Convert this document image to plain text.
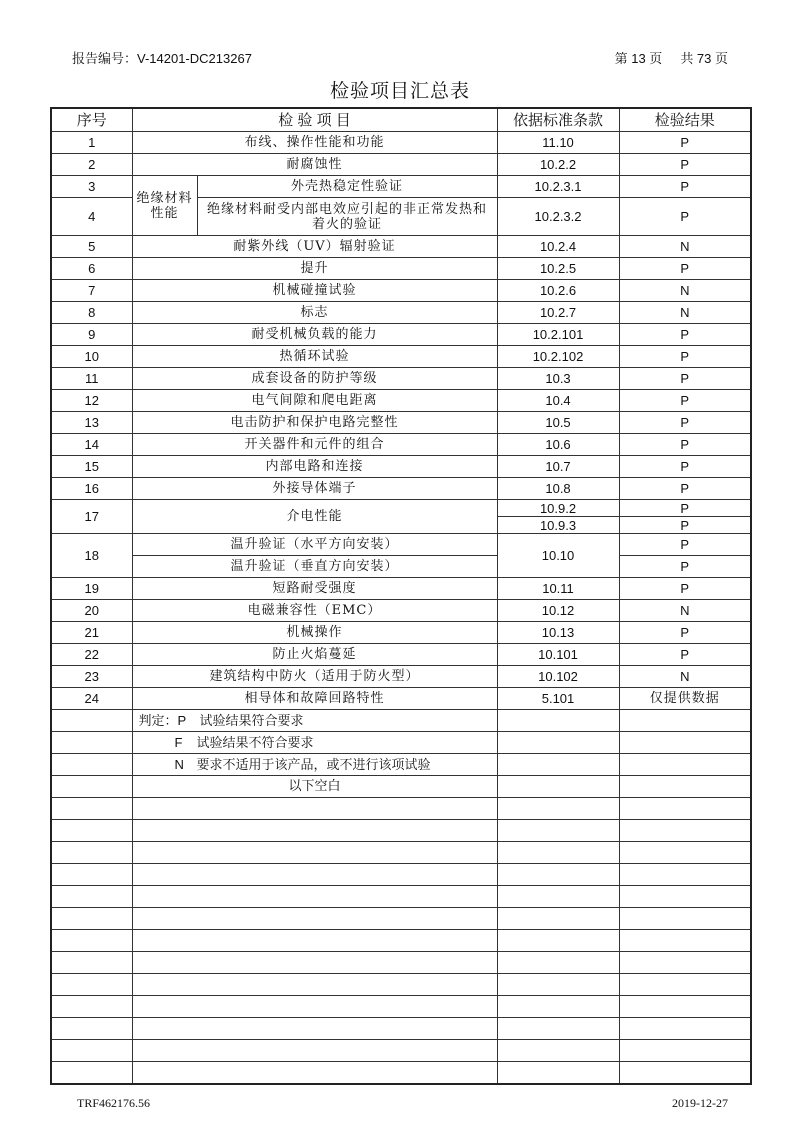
报告编号：V-14201-DC213267	第 13 页 共 73 页
检验项目汇总表
序号	检 验 项 目		依据标准条款	检验结果
1	布线、操作性能和功能		11.10	P
2	耐腐蚀性		10.2.2	P
3	绝缘材料性能	外壳热稳定性验证	10.2.3.1	P
4		绝缘材料耐受内部电效应引起的非正常发热和着火的验证	10.2.3.2	P
5	耐紫外线（UV）辐射验证		10.2.4	N
6	提升		10.2.5	P
7	机械碰撞试验		10.2.6	N
8	标志		10.2.7	N
9	耐受机械负载的能力		10.2.101	P
10	热循环试验		10.2.102	P
11	成套设备的防护等级		10.3	P
12	电气间隙和爬电距离		10.4	P
13	电击防护和保护电路完整性		10.5	P
14	开关器件和元件的组合		10.6	P
15	内部电路和连接		10.7	P
16	外接导体端子		10.8	P
17	介电性能		10.9.2	P
			10.9.3	P
18	温升验证（水平方向安装）		10.10	P
	温升验证（垂直方向安装）			P
19	短路耐受强度		10.11	P
20	电磁兼容性（EMC）		10.12	N
21	机械操作		10.13	P
22	防止火焰蔓延		10.101	P
23	建筑结构中防火（适用于防火型）		10.102	N
24	相导体和故障回路特性		5.101	仅提供数据
	判定：P 试验结果符合要求			
	F 试验结果不符合要求			
	N 要求不适用于该产品，或不进行该项试验			
	以下空白			

TRF462176.56	2019-12-27
